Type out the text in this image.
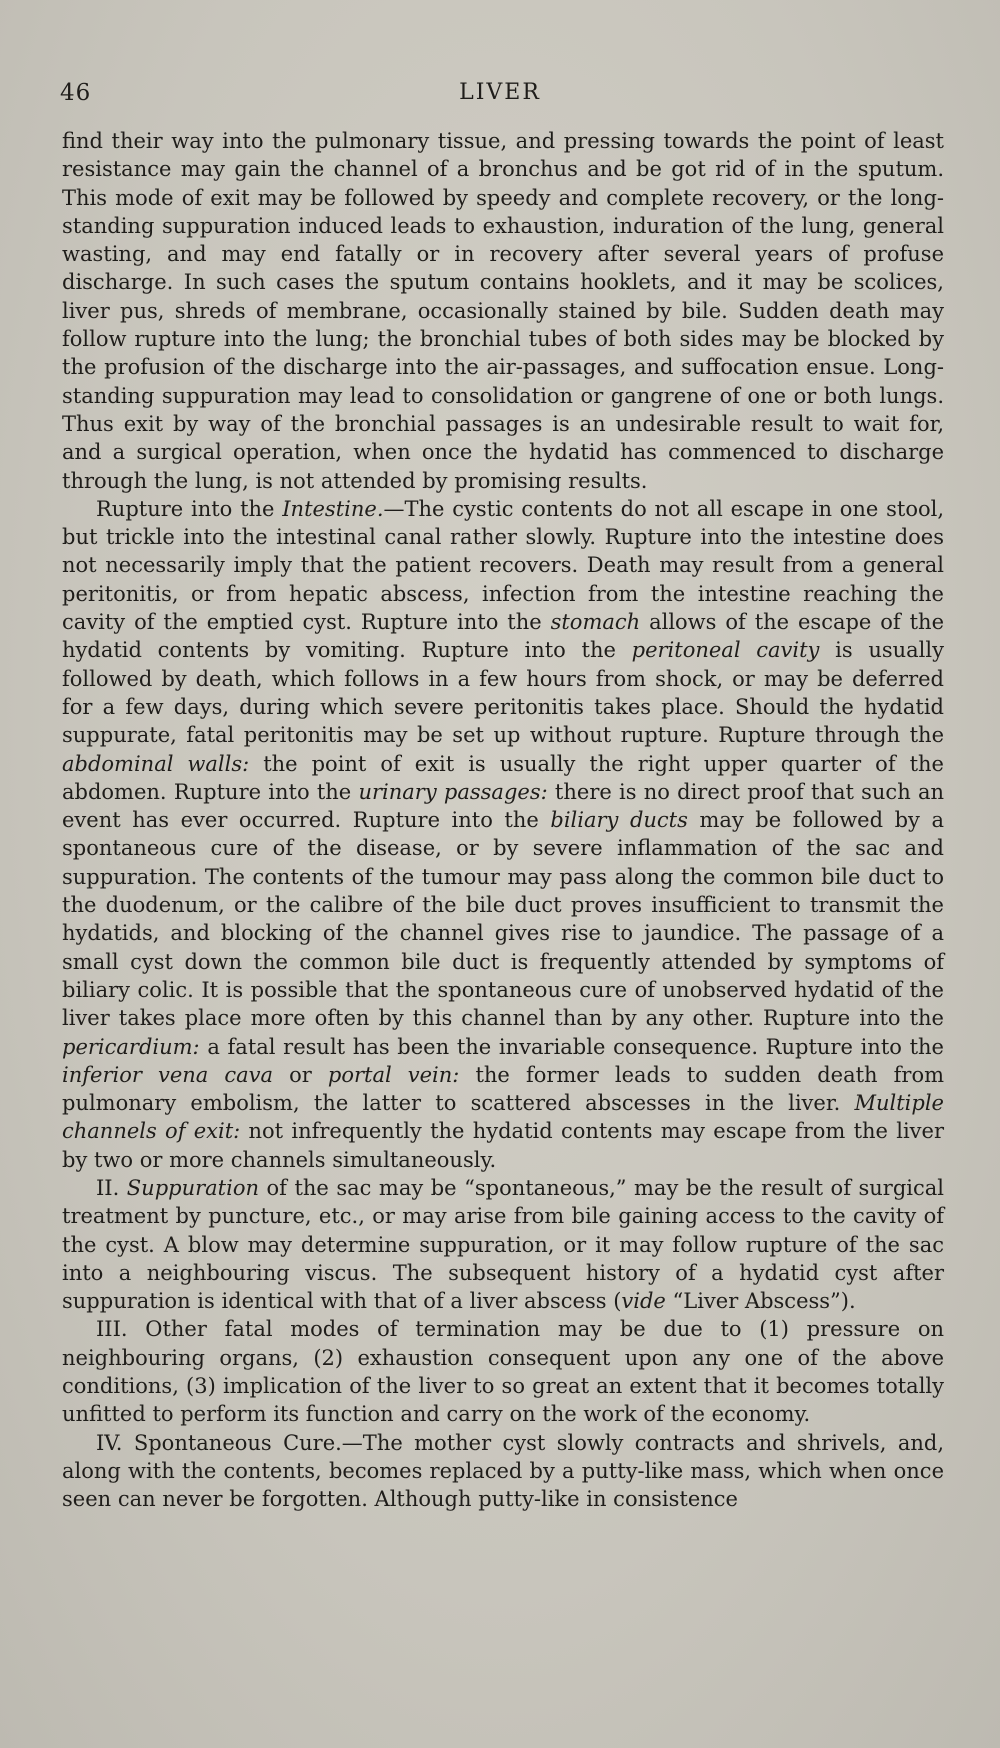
46	LIVER

find their way into the pulmonary tissue, and pressing towards the point of least resistance may gain the channel of a bronchus and be got rid of in the sputum. This mode of exit may be followed by speedy and complete recovery, or the long-standing suppuration induced leads to exhaustion, induration of the lung, general wasting, and may end fatally or in recovery after several years of profuse discharge. In such cases the sputum contains hooklets, and it may be scolices, liver pus, shreds of membrane, occasionally stained by bile. Sudden death may follow rupture into the lung; the bronchial tubes of both sides may be blocked by the profusion of the discharge into the air-passages, and suffocation ensue. Long-standing suppuration may lead to consolidation or gangrene of one or both lungs. Thus exit by way of the bronchial passages is an undesirable result to wait for, and a surgical operation, when once the hydatid has commenced to discharge through the lung, is not attended by promising results.

Rupture into the Intestine.—The cystic contents do not all escape in one stool, but trickle into the intestinal canal rather slowly. Rupture into the intestine does not necessarily imply that the patient recovers. Death may result from a general peritonitis, or from hepatic abscess, infection from the intestine reaching the cavity of the emptied cyst. Rupture into the stomach allows of the escape of the hydatid contents by vomiting. Rupture into the peritoneal cavity is usually followed by death, which follows in a few hours from shock, or may be deferred for a few days, during which severe peritonitis takes place. Should the hydatid suppurate, fatal peritonitis may be set up without rupture. Rupture through the abdominal walls: the point of exit is usually the right upper quarter of the abdomen. Rupture into the urinary passages: there is no direct proof that such an event has ever occurred. Rupture into the biliary ducts may be followed by a spontaneous cure of the disease, or by severe inflammation of the sac and suppuration. The contents of the tumour may pass along the common bile duct to the duodenum, or the calibre of the bile duct proves insufficient to transmit the hydatids, and blocking of the channel gives rise to jaundice. The passage of a small cyst down the common bile duct is frequently attended by symptoms of biliary colic. It is possible that the spontaneous cure of unobserved hydatid of the liver takes place more often by this channel than by any other. Rupture into the pericardium: a fatal result has been the invariable consequence. Rupture into the inferior vena cava or portal vein: the former leads to sudden death from pulmonary embolism, the latter to scattered abscesses in the liver. Multiple channels of exit: not infrequently the hydatid contents may escape from the liver by two or more channels simultaneously.

II. Suppuration of the sac may be “spontaneous,” may be the result of surgical treatment by puncture, etc., or may arise from bile gaining access to the cavity of the cyst. A blow may determine suppuration, or it may follow rupture of the sac into a neighbouring viscus. The subsequent history of a hydatid cyst after suppuration is identical with that of a liver abscess (vide “Liver Abscess”).

III. Other fatal modes of termination may be due to (1) pressure on neighbouring organs, (2) exhaustion consequent upon any one of the above conditions, (3) implication of the liver to so great an extent that it becomes totally unfitted to perform its function and carry on the work of the economy.

IV. Spontaneous Cure.—The mother cyst slowly contracts and shrivels, and, along with the contents, becomes replaced by a putty-like mass, which when once seen can never be forgotten. Although putty-like in consistence
